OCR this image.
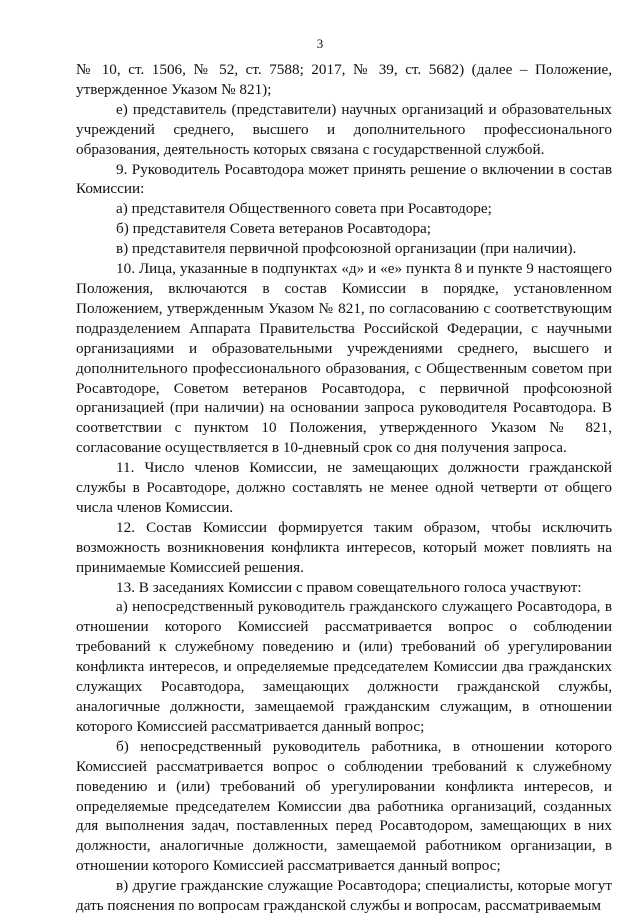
3

№ 10, ст. 1506, № 52, ст. 7588; 2017, № 39, ст. 5682) (далее – Положение, утвержденное Указом № 821);

е) представитель (представители) научных организаций и образовательных учреждений среднего, высшего и дополнительного профессионального образования, деятельность которых связана с государственной службой.

9. Руководитель Росавтодора может принять решение о включении в состав Комиссии:

а) представителя Общественного совета при Росавтодоре;

б) представителя Совета ветеранов Росавтодора;

в) представителя первичной профсоюзной организации (при наличии).

10. Лица, указанные в подпунктах «д» и «е» пункта 8 и пункте 9 настоящего Положения, включаются в состав Комиссии в порядке, установленном Положением, утвержденным Указом № 821, по согласованию с соответствующим подразделением Аппарата Правительства Российской Федерации, с научными организациями и образовательными учреждениями среднего, высшего и дополнительного профессионального образования, с Общественным советом при Росавтодоре, Советом ветеранов Росавтодора, с первичной профсоюзной организацией (при наличии) на основании запроса руководителя Росавтодора. В соответствии с пунктом 10 Положения, утвержденного Указом № 821, согласование осуществляется в 10-дневный срок со дня получения запроса.

11. Число членов Комиссии, не замещающих должности гражданской службы в Росавтодоре, должно составлять не менее одной четверти от общего числа членов Комиссии.

12. Состав Комиссии формируется таким образом, чтобы исключить возможность возникновения конфликта интересов, который может повлиять на принимаемые Комиссией решения.

13. В заседаниях Комиссии с правом совещательного голоса участвуют:

а) непосредственный руководитель гражданского служащего Росавтодора, в отношении которого Комиссией рассматривается вопрос о соблюдении требований к служебному поведению и (или) требований об урегулировании конфликта интересов, и определяемые председателем Комиссии два гражданских служащих Росавтодора, замещающих должности гражданской службы, аналогичные должности, замещаемой гражданским служащим, в отношении которого Комиссией рассматривается данный вопрос;

б) непосредственный руководитель работника, в отношении которого Комиссией рассматривается вопрос о соблюдении требований к служебному поведению и (или) требований об урегулировании конфликта интересов, и определяемые председателем Комиссии два работника организаций, созданных для выполнения задач, поставленных перед Росавтодором, замещающих в них должности, аналогичные должности, замещаемой работником организации, в отношении которого Комиссией рассматривается данный вопрос;

в) другие гражданские служащие Росавтодора; специалисты, которые могут дать пояснения по вопросам гражданской службы и вопросам, рассматриваемым
